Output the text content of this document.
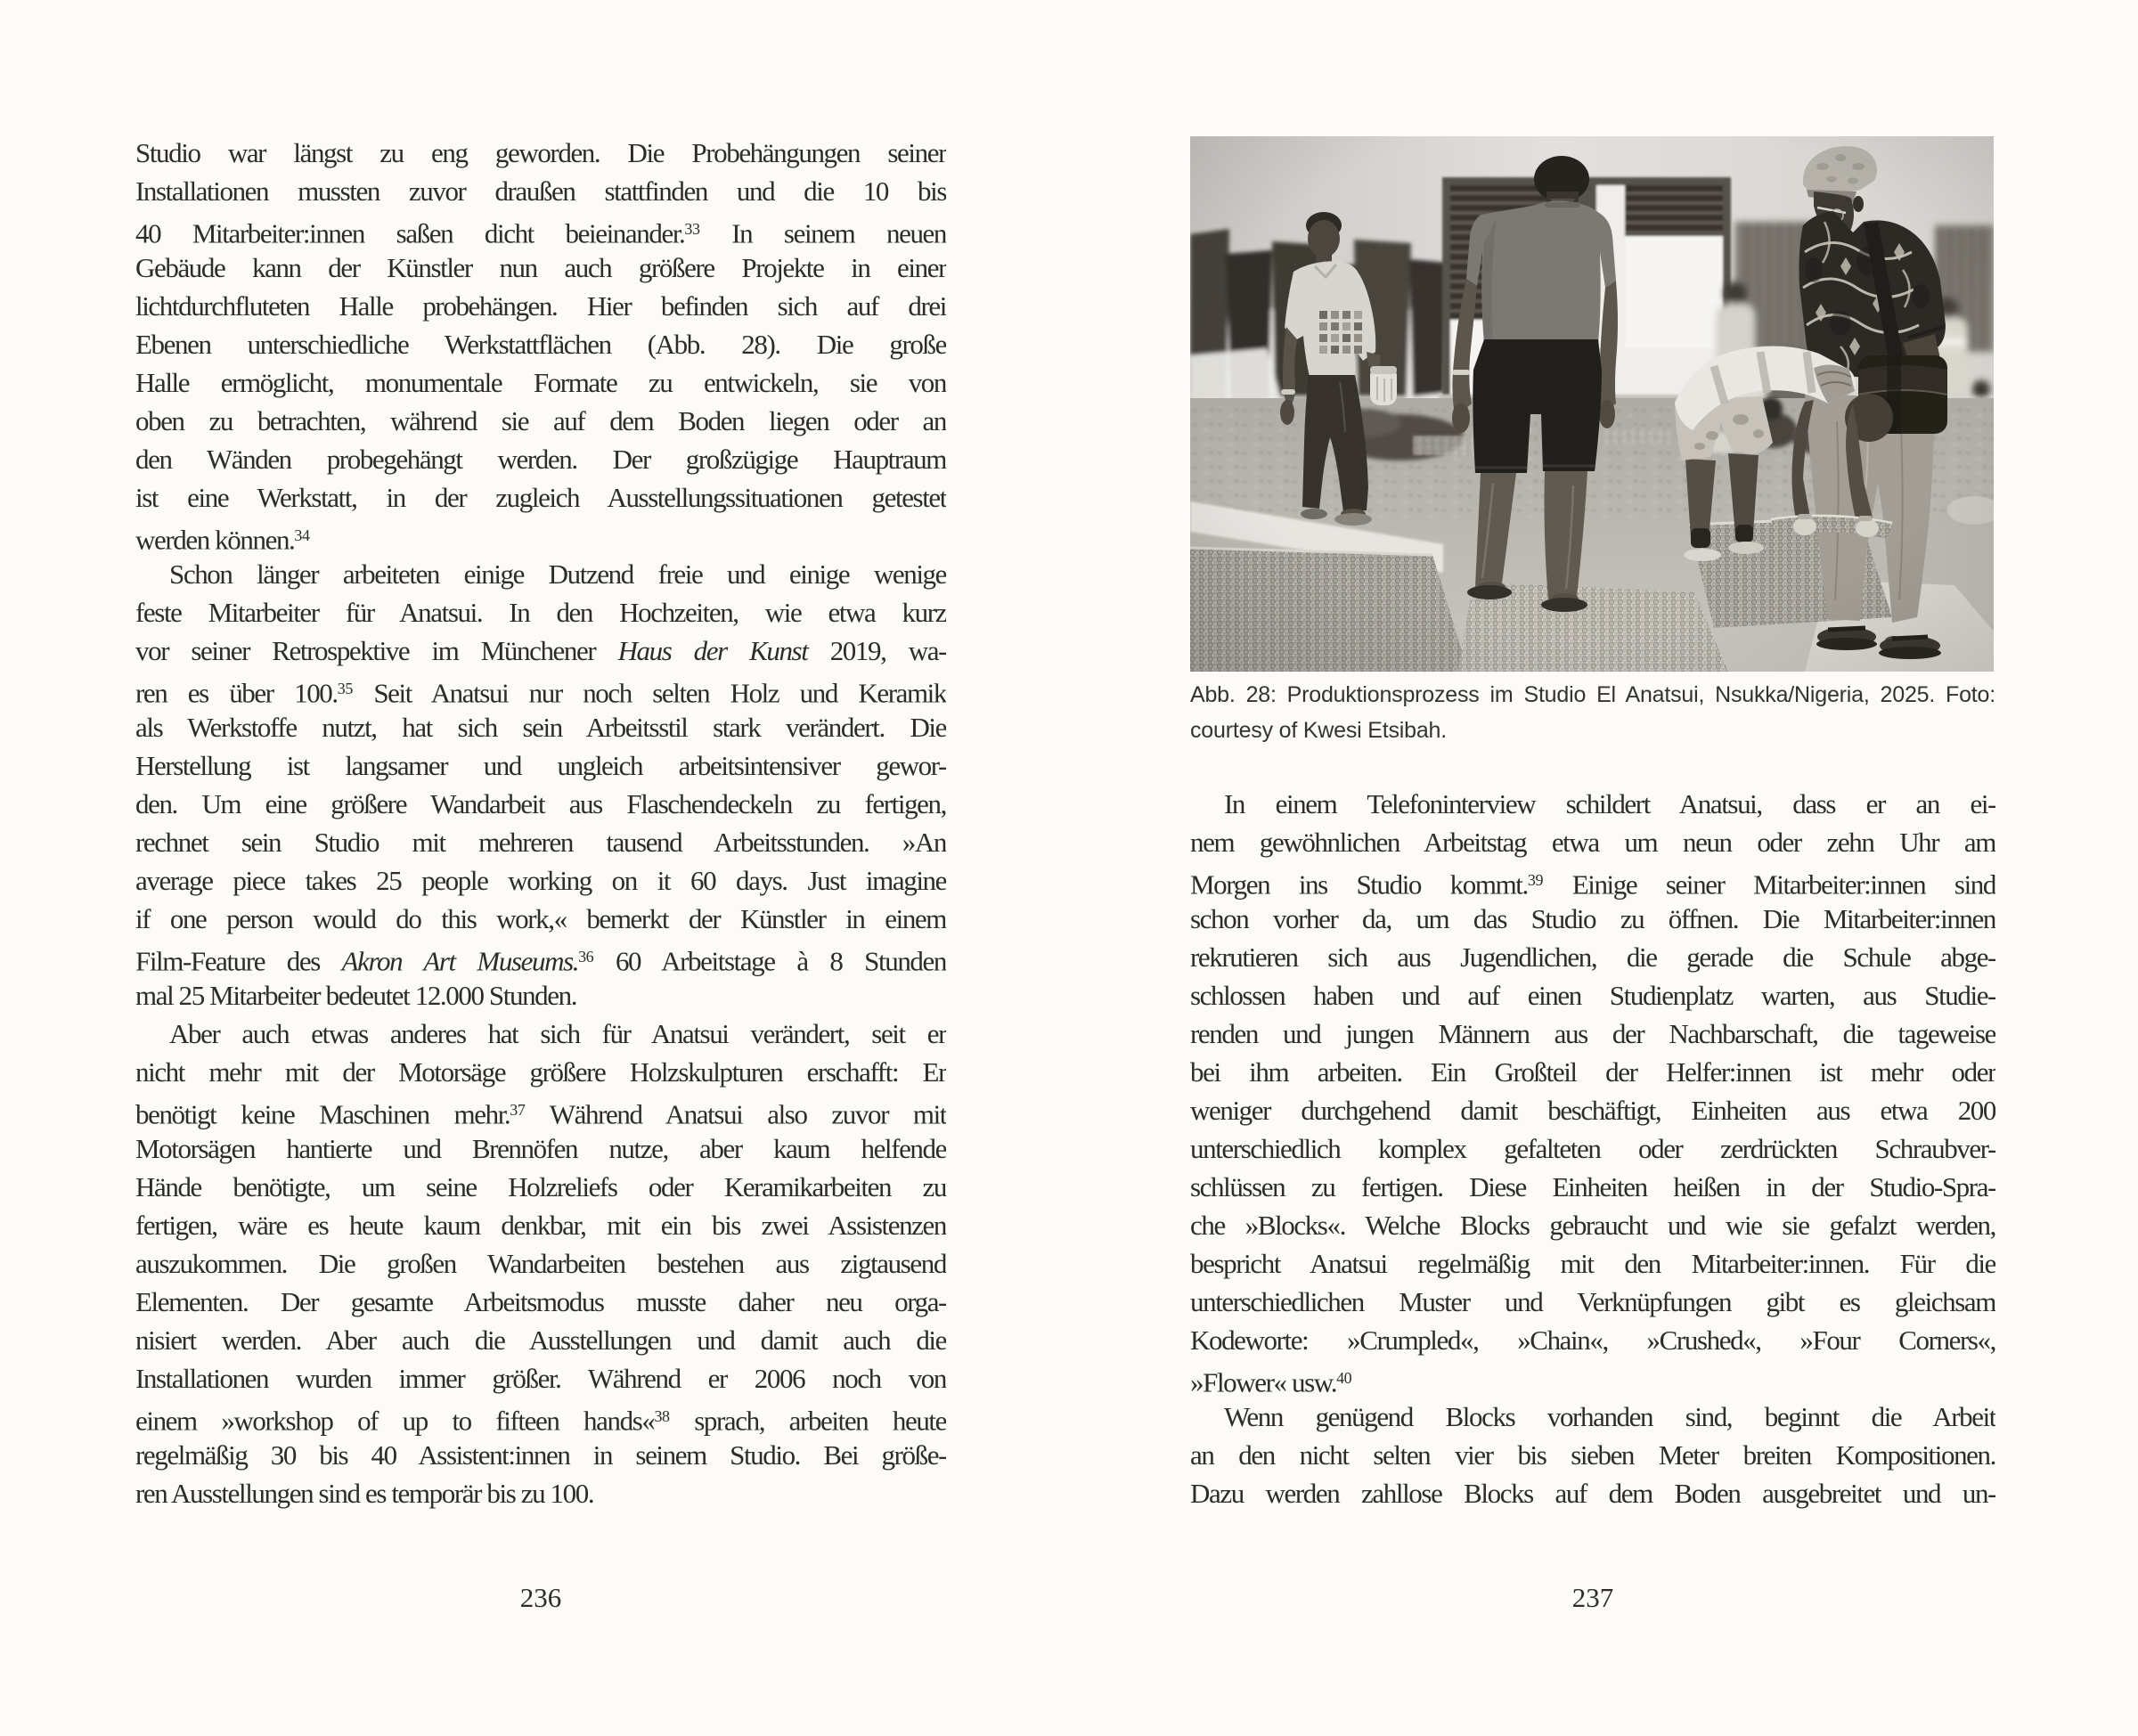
Studio war längst zu eng geworden. Die Probehängungen seiner
Installationen mussten zuvor draußen stattfinden und die 10 bis
40 Mitarbeiter:innen saßen dicht beieinander.$^{33}$ In seinem neuen
Gebäude kann der Künstler nun auch größere Projekte in einer
lichtdurchfluteten Halle probehängen. Hier befinden sich auf drei
Ebenen unterschiedliche Werkstattflächen (Abb. 28). Die große
Halle ermöglicht, monumentale Formate zu entwickeln, sie von
oben zu betrachten, während sie auf dem Boden liegen oder an
den Wänden probegehängt werden. Der großzügige Hauptraum
ist eine Werkstatt, in der zugleich Ausstellungssituationen getestet
werden können.$^{34}$
Schon länger arbeiteten einige Dutzend freie und einige wenige
feste Mitarbeiter für Anatsui. In den Hochzeiten, wie etwa kurz
vor seiner Retrospektive im Münchener Haus der Kunst 2019, wa-
ren es über 100.35 Seit Anatsui nur noch selten Holz und Keramik
als Werkstoffe nutzt, hat sich sein Arbeitsstil stark verändert. Die
Herstellung ist langsamer und ungleich arbeitsintensiver gewor-
den. Um eine größere Wandarbeit aus Flaschendeckeln zu fertigen,
rechnet sein Studio mit mehreren tausend Arbeitsstunden. »An
average piece takes 25 people working on it 60 days. Just imagine
if one person would do this work,« bemerkt der Künstler in einem
Film-Feature des Akron Art Museums.$^{36}$ 60 Arbeitstage à 8 Stunden
mal 25 Mitarbeiter bedeutet 12.000 Stunden.
Aber auch etwas anderes hat sich für Anatsui verändert, seit er
nicht mehr mit der Motorsäge größere Holzskulpturen erschafft: Er
benötigt keine Maschinen mehr.$^{37}$ Während Anatsui also zuvor mit
Motorsägen hantierte und Brennöfen nutze, aber kaum helfende
Hände benötigte, um seine Holzreliefs oder Keramikarbeiten zu
fertigen, wäre es heute kaum denkbar, mit ein bis zwei Assistenzen
auszukommen. Die großen Wandarbeiten bestehen aus zigtausend
Elementen. Der gesamte Arbeitsmodus musste daher neu orga-
nisiert werden. Aber auch die Ausstellungen und damit auch die
Installationen wurden immer größer. Während er 2006 noch von
einem »workshop of up to fifteen hands«$^{38}$ sprach, arbeiten heute
regelmäßig 30 bis 40 Assistent:innen in seinem Studio. Bei größe-
ren Ausstellungen sind es temporär bis zu 100.
236
Abb. 28: Produktionsprozess im Studio El Anatsui, Nsukka/Nigeria, 2025. Foto:
courtesy of Kwesi Etsibah.
In einem Telefoninterview schildert Anatsui, dass er an ei-
nem gewöhnlichen Arbeitstag etwa um neun oder zehn Uhr am
Morgen ins Studio kommt.$^{39}$ Einige seiner Mitarbeiter:innen sind
schon vorher da, um das Studio zu öffnen. Die Mitarbeiter:innen
rekrutieren sich aus Jugendlichen, die gerade die Schule abge-
schlossen haben und auf einen Studienplatz warten, aus Studie-
renden und jungen Männern aus der Nachbarschaft, die tageweise
bei ihm arbeiten. Ein Großteil der Helfer:innen ist mehr oder
weniger durchgehend damit beschäftigt, Einheiten aus etwa 200
unterschiedlich komplex gefalteten oder zerdrückten Schraubver-
schlüssen zu fertigen. Diese Einheiten heißen in der Studio-Spra-
che »Blocks«. Welche Blocks gebraucht und wie sie gefalzt werden,
bespricht Anatsui regelmäßig mit den Mitarbeiter:innen. Für die
unterschiedlichen Muster und Verknüpfungen gibt es gleichsam
Kodeworte: »Crumpled«, »Chain«, »Crushed«, »Four Corners«,
»Flower« usw.$^{40}$
Wenn genügend Blocks vorhanden sind, beginnt die Arbeit
an den nicht selten vier bis sieben Meter breiten Kompositionen.
Dazu werden zahllose Blocks auf dem Boden ausgebreitet und un-
237
